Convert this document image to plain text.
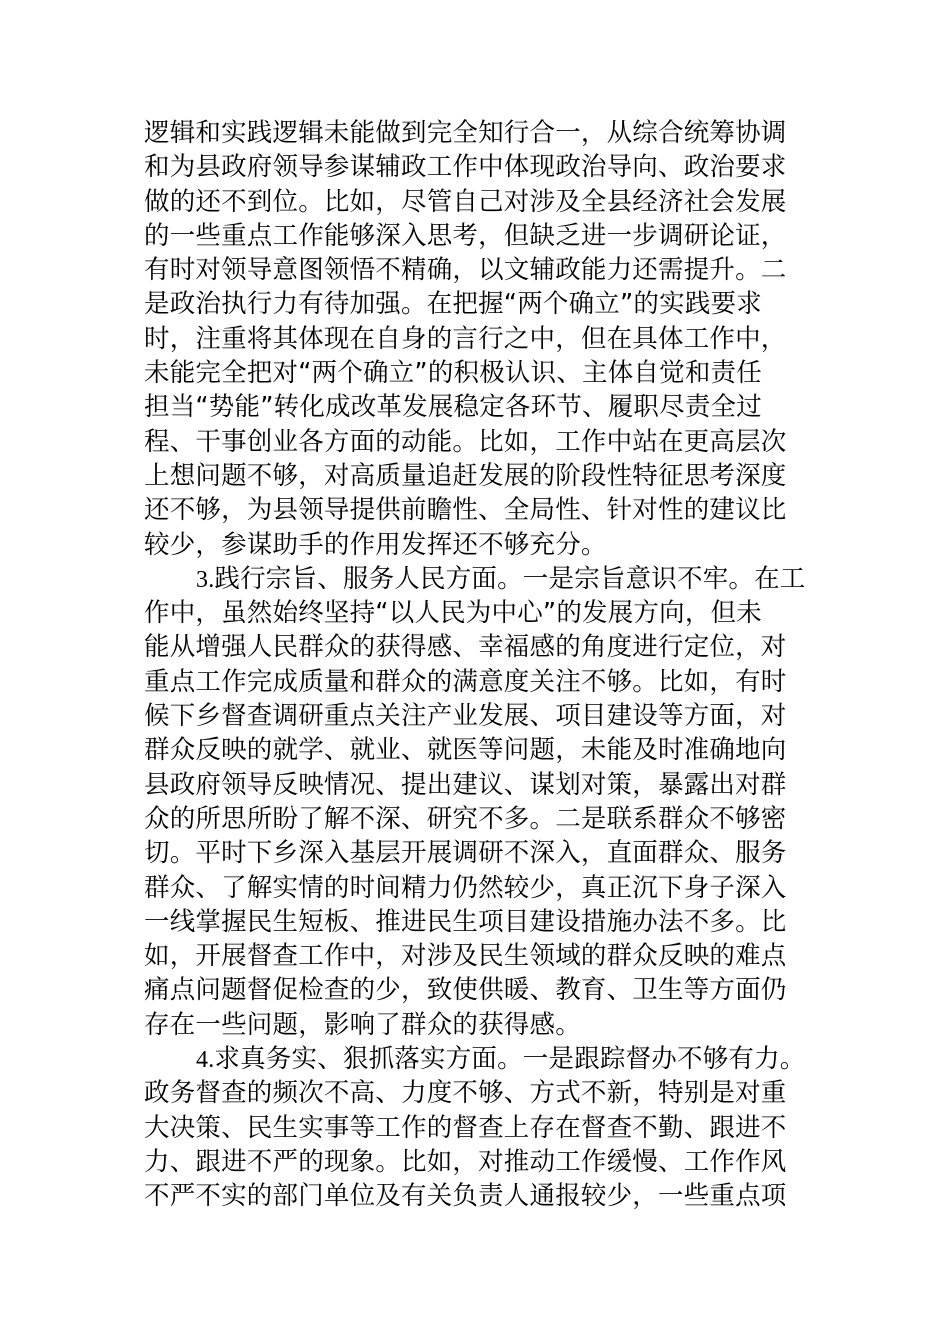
逻辑和实践逻辑未能做到完全知行合一，从综合统筹协调
和为县政府领导参谋辅政工作中体现政治导向、政治要求
做的还不到位。比如，尽管自己对涉及全县经济社会发展
的一些重点工作能够深入思考，但缺乏进一步调研论证，
有时对领导意图领悟不精确，以文辅政能力还需提升。二
是政治执行力有待加强。在把握“两个确立”的实践要求
时，注重将其体现在自身的言行之中，但在具体工作中，
未能完全把对“两个确立”的积极认识、主体自觉和责任
担当“势能”转化成改革发展稳定各环节、履职尽责全过
程、干事创业各方面的动能。比如，工作中站在更高层次
上想问题不够，对高质量追赶发展的阶段性特征思考深度
还不够，为县领导提供前瞻性、全局性、针对性的建议比
较少，参谋助手的作用发挥还不够充分。
3.践行宗旨、服务人民方面。一是宗旨意识不牢。在工
作中，虽然始终坚持“以人民为中心”的发展方向，但未
能从增强人民群众的获得感、幸福感的角度进行定位，对
重点工作完成质量和群众的满意度关注不够。比如，有时
候下乡督查调研重点关注产业发展、项目建设等方面，对
群众反映的就学、就业、就医等问题，未能及时准确地向
县政府领导反映情况、提出建议、谋划对策，暴露出对群
众的所思所盼了解不深、研究不多。二是联系群众不够密
切。平时下乡深入基层开展调研不深入，直面群众、服务
群众、了解实情的时间精力仍然较少，真正沉下身子深入
一线掌握民生短板、推进民生项目建设措施办法不多。比
如，开展督查工作中，对涉及民生领域的群众反映的难点
痛点问题督促检查的少，致使供暖、教育、卫生等方面仍
存在一些问题，影响了群众的获得感。
4.求真务实、狠抓落实方面。一是跟踪督办不够有力。
政务督查的频次不高、力度不够、方式不新，特别是对重
大决策、民生实事等工作的督查上存在督查不勤、跟进不
力、跟进不严的现象。比如，对推动工作缓慢、工作作风
不严不实的部门单位及有关负责人通报较少，一些重点项
